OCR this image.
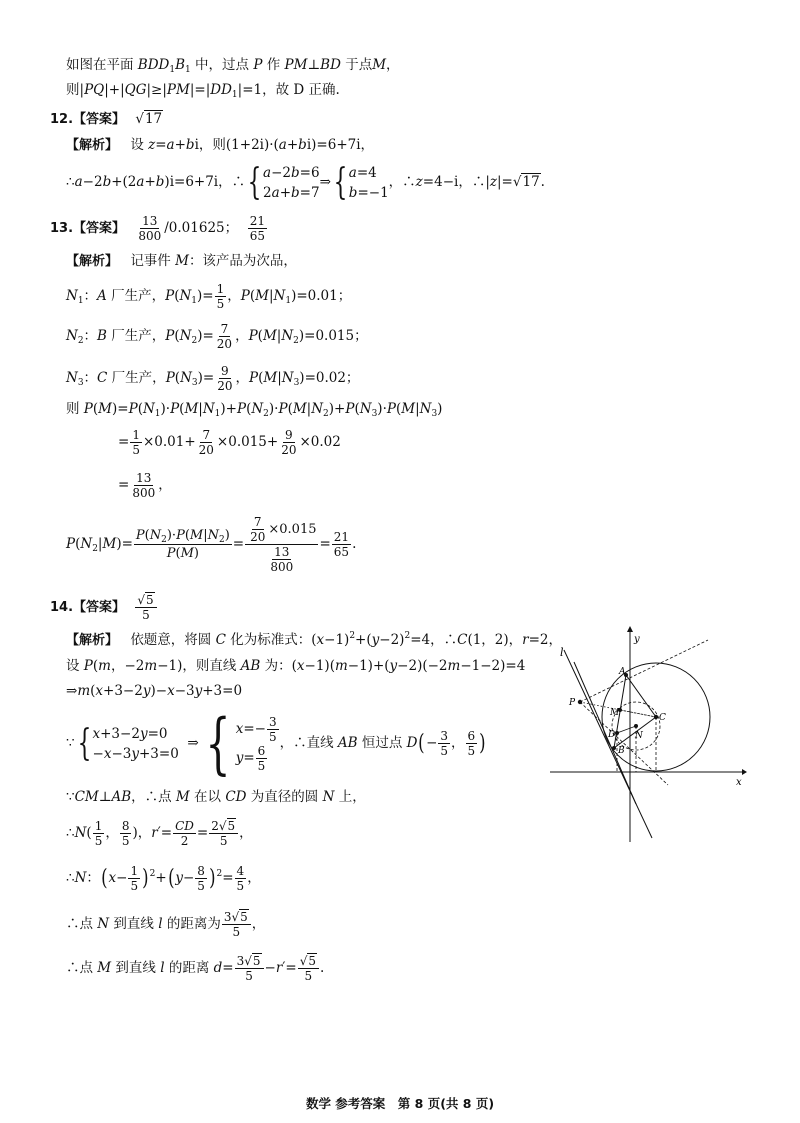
如图在平面 $BDD_1B_1$ 中，过点 P 作 PM⊥BD 于点M，
则$|PQ|+|QG|\ge|PM|=|DD_1|=1$，故 D 正确.
12.【答案】 √17
【解析】 设 z=a+bi，则(1+2i)·(a+bi)=6+7i，
∴a−2b+(2a+b)i=6+7i，∴ { a−2b=6
2a+b=7
⇒ { a=4
b=−1
，∴z=4−i，∴|z|=√17.
13.【答案】 $\frac{13}{800} /0.01625$； $\frac{21}{65}$
【解析】 记事件 M：该产品为次品，
$N_1$：A 厂生产，$P(N_1)= \frac{1}{5}$ ，$P(M|N_1)=0.01$；
$N_2$：B 厂生产，$P(N_2)= \frac{7}{20}$ ，$P(M|N_2)=0.015$；
$N_3$：C 厂生产，$P(N_3)= \frac{9}{20}$ ，$P(M|N_3)=0.02$；
则 $P(M)=P(N_1)\cdot P(M|N_1)+P(N_2)\cdot P(M|N_2)+P(N_3)\cdot P(M|N_3)$
= $\frac{1}{5} \times 0.01+ \frac{7}{20} \times 0.015+ \frac{9}{20} \times 0.02$
= $\frac{13}{800}$ ，
$P(N_2|M)= \frac{P(N_2)\cdot P(M|N_2)}{P(M)} = \frac{\frac{7}{20} \times 0.015}{\frac{13}{800}} = \frac{21}{65}$ .
14.【答案】 $\frac{√5}{5}$
【解析】 依题意，将圆 C 化为标准式：$(x-1)^2+(y-2)^2=4$，∴C(1，2)，r=2，
设 P(m，−2m−1)，则直线 AB 为：(x−1)(m−1)+(y−2)(−2m−1−2)=4
⇒m(x+3−2y)−x−3y+3=0
∵ { x+3−2y=0
−x−3y+3=0
⇒ { $x=- \frac{3}{5}$
$y= \frac{6}{5}$
，∴直线 AB 恒过点 $D(- \frac{3}{5}$ ， $\frac{6}{5}$ )
∵CM⊥AB，∴点 M 在以 CD 为直径的圆 N 上，
∴N( $\frac{1}{5}$ ， $\frac{8}{5}$ )，$r'= \frac{CD}{2} = \frac{2√5}{5}$ ，
∴N：$(x- \frac{1}{5} )^2+(y- \frac{8}{5} )^2= \frac{4}{5}$ ，
∴点 N 到直线 l 的距离为 $\frac{3√5}{5}$ ，
∴点 M 到直线 l 的距离 $d= \frac{3√5}{5} -r'= \frac{√5}{5}$ .
l
y
A
P
M	C
D N
B
x
数学 参考答案　第 8 页(共 8 页)
